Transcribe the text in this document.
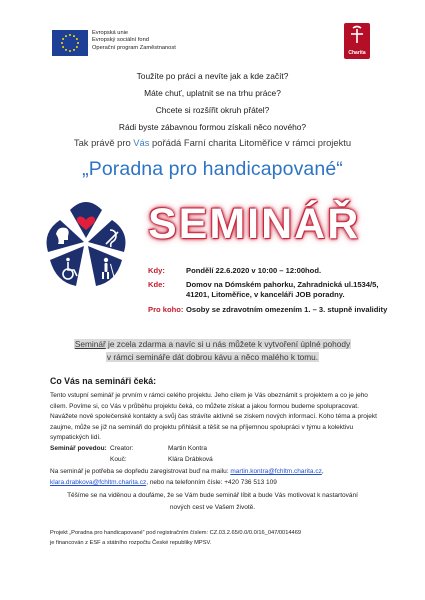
Evropská unie
Evropský sociální fond
Operační program Zaměstnanost
Charita
Toužíte po práci a nevíte jak a kde začít?
Máte chuť, uplatnit se na trhu práce?
Chcete si rozšířit okruh přátel?
Rádi byste zábavnou formou získali něco nového?
Tak právě pro Vás pořádá Farní charita Litoměřice v rámci projektu
„Poradna pro handicapované“
SEMINÁŘ
Kdy:	Pondělí 22.6.2020 v 10:00 – 12:00hod.
Kde:	Domov na Dómském pahorku, Zahradnická ul.1534/5, 41201, Litoměřice, v kanceláři JOB poradny.
Pro koho: Osoby se zdravotním omezením 1. – 3. stupně invalidity
Seminář je zcela zdarma a navíc si u nás můžete k vytvoření úplné pohody
v rámci semináře dát dobrou kávu a něco malého k tomu.
Co Vás na semináři čeká:
Tento vstupní seminář je prvním v rámci celého projektu. Jeho cílem je Vás obeznámit s projektem a co je jeho cílem. Povíme si, co Vás v průběhu projektu čeká, co můžete získat a jakou formou budeme spolupracovat. Navážete nové společenské kontakty a svůj čas strávíte aktivně se ziskem nových informací. Koho téma a projekt zaujme, může se již na semináři do projektu přihlásit a těšit se na příjemnou spolupráci v týmu a kolektivu sympatických lidí.
Seminář povedou: Creator:	Martin Kontra
Kouč:	Klára Drábková
Na seminář je potřeba se dopředu zaregistrovat buď na mailu: martin.kontra@fchltm.charita.cz,
klara.drabkova@fchltm.charita.cz, nebo na telefonním čísle: +420 736 513 109
Těšíme se na viděnou a doufáme, že se Vám bude seminář líbit a bude Vás motivovat k nastartování
nových cest ve Vašem životě.
Projekt „Poradna pro handicapované“ pod registračním číslem: CZ.03.2.65/0.0/0.0/16_047/0014469
je financován z ESF a státního rozpočtu České republiky MPSV.
